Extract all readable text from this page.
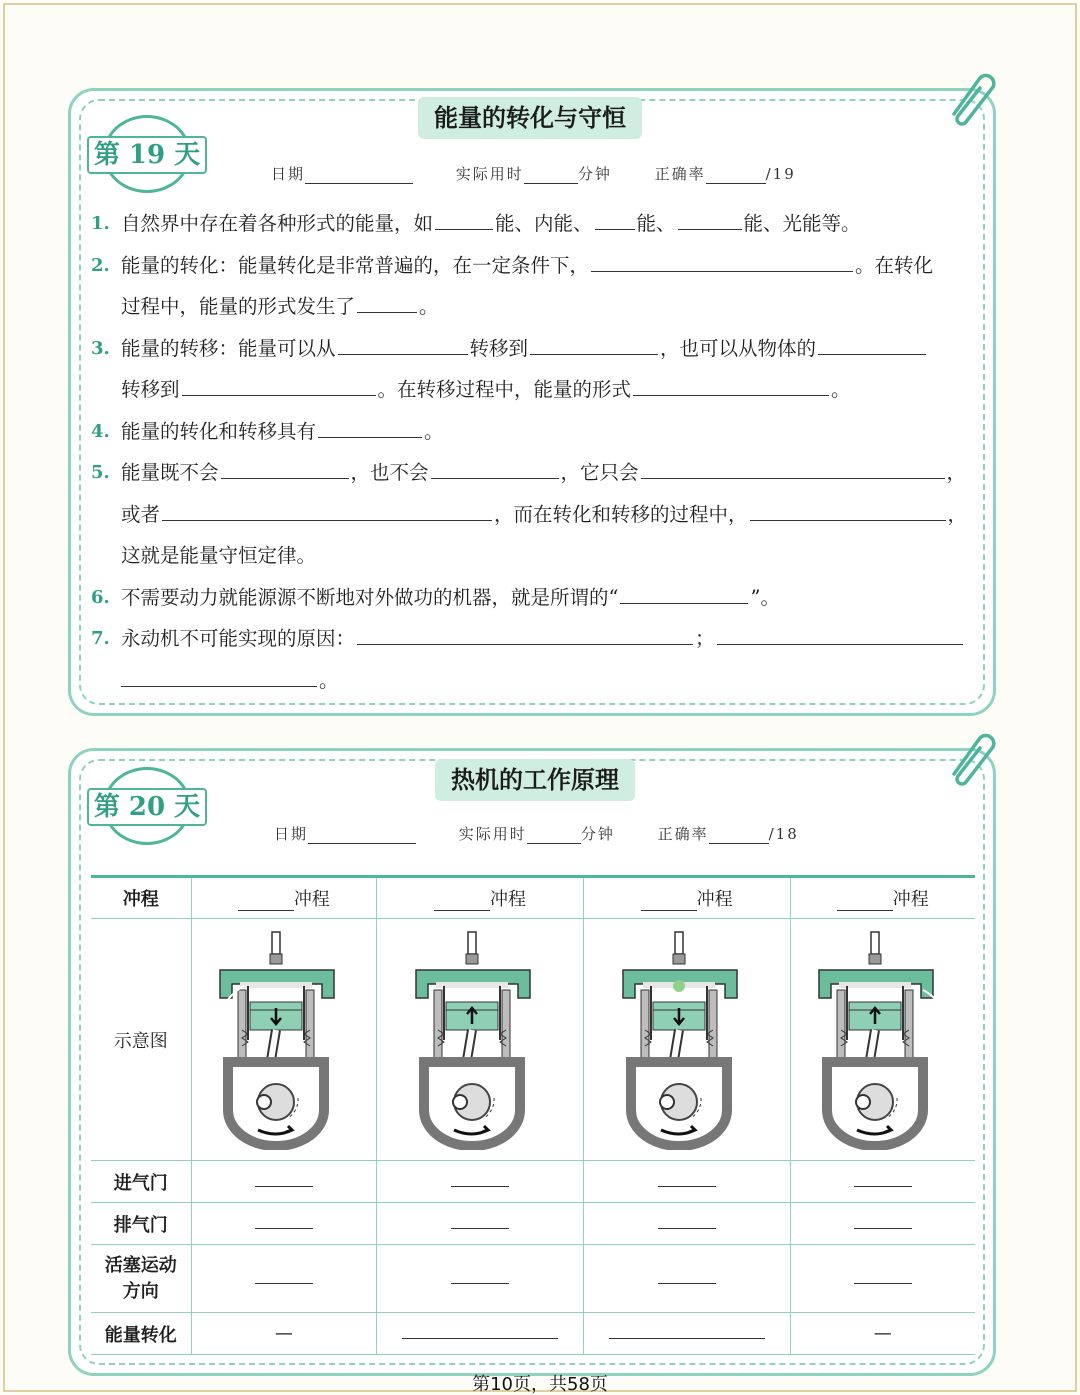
能量的转化与守恒
第 19 天
日期	实际用时	分钟	正确率	/19
1. 自然界中存在着各种形式的能量，如	能、内能、 能、	能、光能等。
2. 能量的转化：能量转化是非常普遍的，在一定条件下，	。在转化
过程中，能量的形式发生了	。
3. 能量的转移：能量可以从	转移到	，也可以从物体的
转移到	。在转移过程中，能量的形式	。
4. 能量的转化和转移具有	。
5. 能量既不会	，也不会	，它只会	，
或者	，而在转化和转移的过程中，	，
这就是能量守恒定律。
6. 不需要动力就能源源不断地对外做功的机器，就是所谓的“	”。
7. 永动机不可能实现的原因：	；
。
热机的工作原理
第 20 天
日期	实际用时	分钟	正确率	/18
冲程	冲程	冲程	冲程	冲程
示意图	

进气门				
排气门				
活塞运动
方向				
能量转化	—			—
第10页，共58页
